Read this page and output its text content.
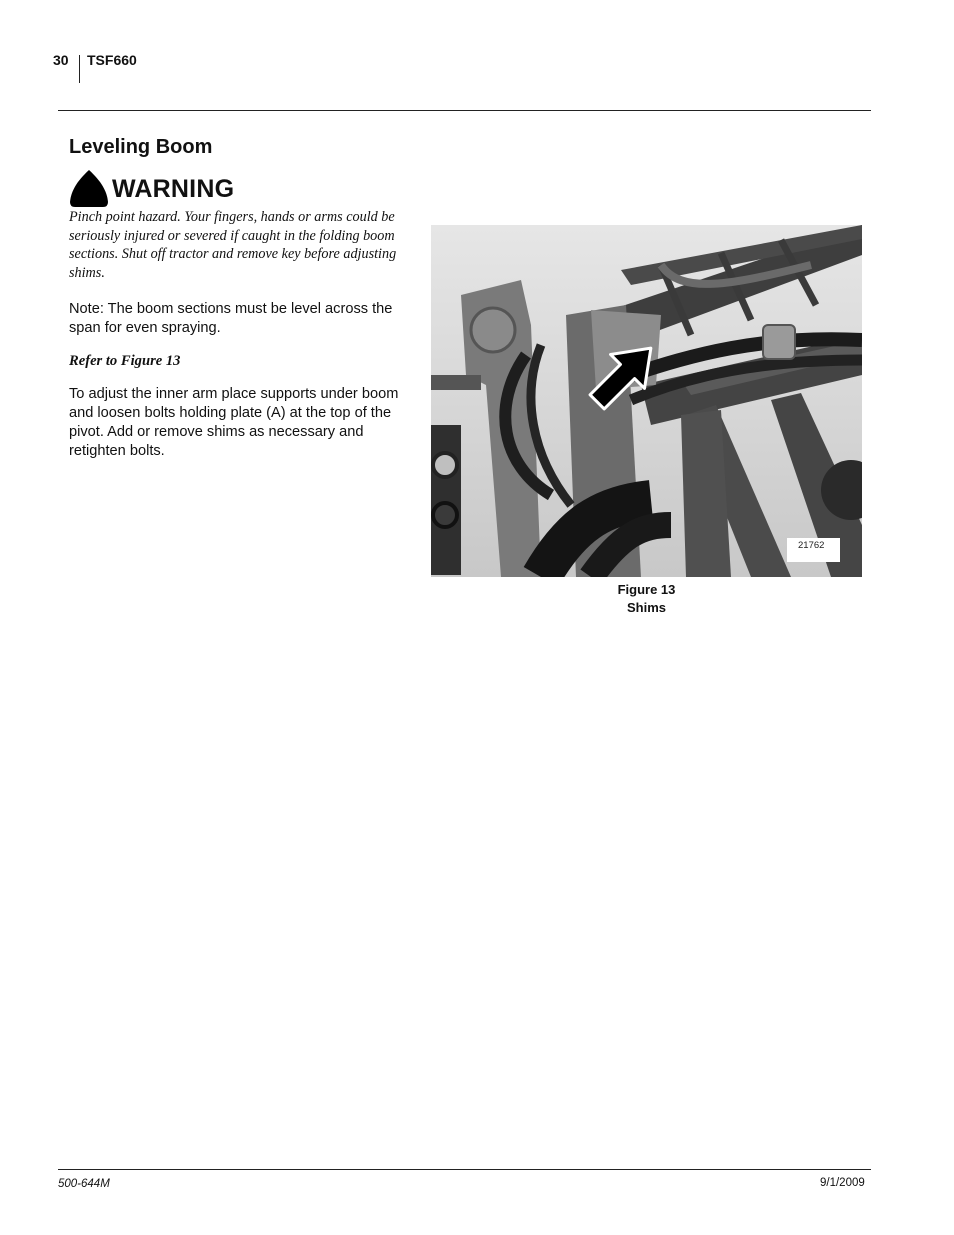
30 TSF660
Leveling Boom
WARNING

Pinch point hazard. Your fingers, hands or arms could be seriously injured or severed if caught in the folding boom sections. Shut off tractor and remove key before adjusting shims.

Note: The boom sections must be level across the span for even spraying.

Refer to Figure 13

To adjust the inner arm place supports under boom and loosen bolts holding plate (A) at the top of the pivot. Add or remove shims as necessary and retighten bolts.

21762
Figure 13
Shims
500-644M	9/1/2009
